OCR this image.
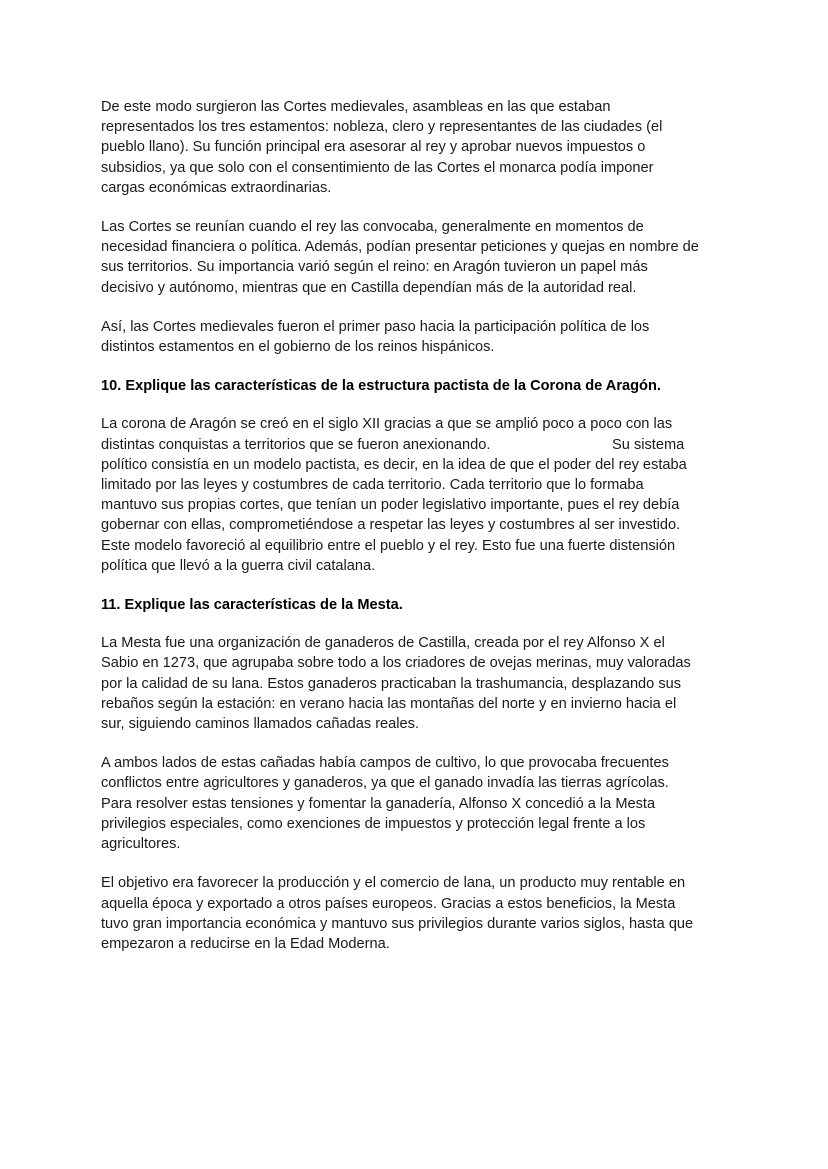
De este modo surgieron las Cortes medievales, asambleas en las que estaban
representados los tres estamentos: nobleza, clero y representantes de las ciudades (el
pueblo llano). Su función principal era asesorar al rey y aprobar nuevos impuestos o
subsidios, ya que solo con el consentimiento de las Cortes el monarca podía imponer
cargas económicas extraordinarias.

Las Cortes se reunían cuando el rey las convocaba, generalmente en momentos de
necesidad financiera o política. Además, podían presentar peticiones y quejas en nombre de
sus territorios. Su importancia varió según el reino: en Aragón tuvieron un papel más
decisivo y autónomo, mientras que en Castilla dependían más de la autoridad real.

Así, las Cortes medievales fueron el primer paso hacia la participación política de los
distintos estamentos en el gobierno de los reinos hispánicos.

10. Explique las características de la estructura pactista de la Corona de Aragón.

La corona de Aragón se creó en el siglo XII gracias a que se amplió poco a poco con las
distintas conquistas a territorios que se fueron anexionando.                              Su sistema
político consistía en un modelo pactista, es decir, en la idea de que el poder del rey estaba
limitado por las leyes y costumbres de cada territorio. Cada territorio que lo formaba
mantuvo sus propias cortes, que tenían un poder legislativo importante, pues el rey debía
gobernar con ellas, comprometiéndose a respetar las leyes y costumbres al ser investido.
Este modelo favoreció al equilibrio entre el pueblo y el rey. Esto fue una fuerte distensión
política que llevó a la guerra civil catalana.

11. Explique las características de la Mesta.

La Mesta fue una organización de ganaderos de Castilla, creada por el rey Alfonso X el
Sabio en 1273, que agrupaba sobre todo a los criadores de ovejas merinas, muy valoradas
por la calidad de su lana. Estos ganaderos practicaban la trashumancia, desplazando sus
rebaños según la estación: en verano hacia las montañas del norte y en invierno hacia el
sur, siguiendo caminos llamados cañadas reales.

A ambos lados de estas cañadas había campos de cultivo, lo que provocaba frecuentes
conflictos entre agricultores y ganaderos, ya que el ganado invadía las tierras agrícolas.
Para resolver estas tensiones y fomentar la ganadería, Alfonso X concedió a la Mesta
privilegios especiales, como exenciones de impuestos y protección legal frente a los
agricultores.

El objetivo era favorecer la producción y el comercio de lana, un producto muy rentable en
aquella época y exportado a otros países europeos. Gracias a estos beneficios, la Mesta
tuvo gran importancia económica y mantuvo sus privilegios durante varios siglos, hasta que
empezaron a reducirse en la Edad Moderna.
